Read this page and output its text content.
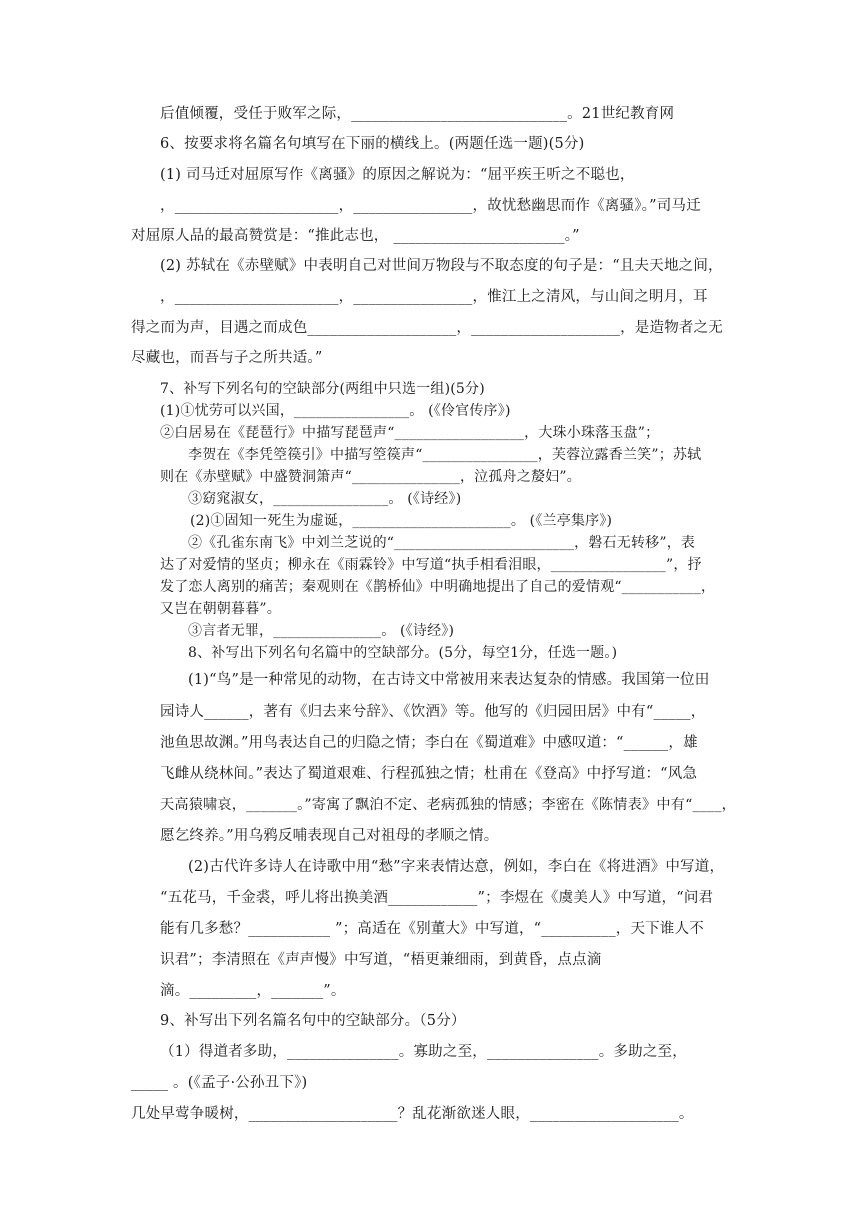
后值倾覆，受任于败军之际，_____________________________。21世纪教育网
6、按要求将名篇名句填写在下丽的横线上。(两题任选一题)(5分)
(1) 司马迁对屈原写作《离骚》的原因之解说为：“屈平疾王听之不聪也，
，______________________，________________，故忧愁幽思而作《离骚》。”司马迁
对屈原人品的最高赞赏是：“推此志也， _______________________。”
(2) 苏轼在《赤壁赋》中表明自己对世间万物段与不取态度的句子是：“且夫天地之间，
，______________________，________________，惟江上之清风，与山间之明月，耳
得之而为声，目遇之而成色____________________，____________________，是造物者之无
尽藏也，而吾与子之所共适。”
7、补写下列名句的空缺部分(两组中只选一组)(5分)
(1)①忧劳可以兴国，________________。 (《伶官传序》)
②白居易在《琵琶行》中描写琵琶声“__________________，大珠小珠落玉盘”；
李贺在《李凭箜篌引》中描写箜篌声“________________，芙蓉泣露香兰笑”；苏轼
则在《赤壁赋》中盛赞洞箫声“_______________，泣孤舟之嫠妇”。
③窈窕淑女，________________。 (《诗经》)
(2)①固知一死生为虚诞，______________________。 (《兰亭集序》)
②《孔雀东南飞》中刘兰芝说的“_________________________，磐石无转移”，表
达了对爱情的坚贞；柳永在《雨霖铃》中写道“执手相看泪眼，________________”，抒
发了恋人离别的痛苦；秦观则在《鹊桥仙》中明确地提出了自己的爱情观“___________，
又岂在朝朝暮暮”。
③言者无罪，_______________。 (《诗经》)
8、补写出下列名句名篇中的空缺部分。(5分，每空1分，任选一题。)
(1)“鸟”是一种常见的动物，在古诗文中常被用来表达复杂的情感。我国第一位田
园诗人______，著有《归去来兮辞》、《饮酒》等。他写的《归园田居》中有“_____，
池鱼思故渊。”用鸟表达自己的归隐之情；李白在《蜀道难》中感叹道：“______，雄
飞雌从绕林间。”表达了蜀道艰难、行程孤独之情；杜甫在《登高》中抒写道：“风急
天高猿啸哀，_______。”寄寓了飘泊不定、老病孤独的情感；李密在《陈情表》中有“____，
愿乞终养。”用乌鸦反哺表现自己对祖母的孝顺之情。
(2)古代许多诗人在诗歌中用“愁”字来表情达意，例如，李白在《将进酒》中写道，
“五花马，千金裘，呼儿将出换美酒____________”；李煜在《虞美人》中写道，“问君
能有几多愁？___________ ”；高适在《别董大》中写道，“__________，天下谁人不
识君”；李清照在《声声慢》中写道，“梧更兼细雨，到黄昏，点点滴
滴。_________，_______”。
9、补写出下列名篇名句中的空缺部分。（5分）
（1）得道者多助，_______________。寡助之至，_______________。多助之至，
_____ 。(《孟子·公孙丑下》)
几处早莺争暖树，____________________？乱花渐欲迷人眼，____________________。
